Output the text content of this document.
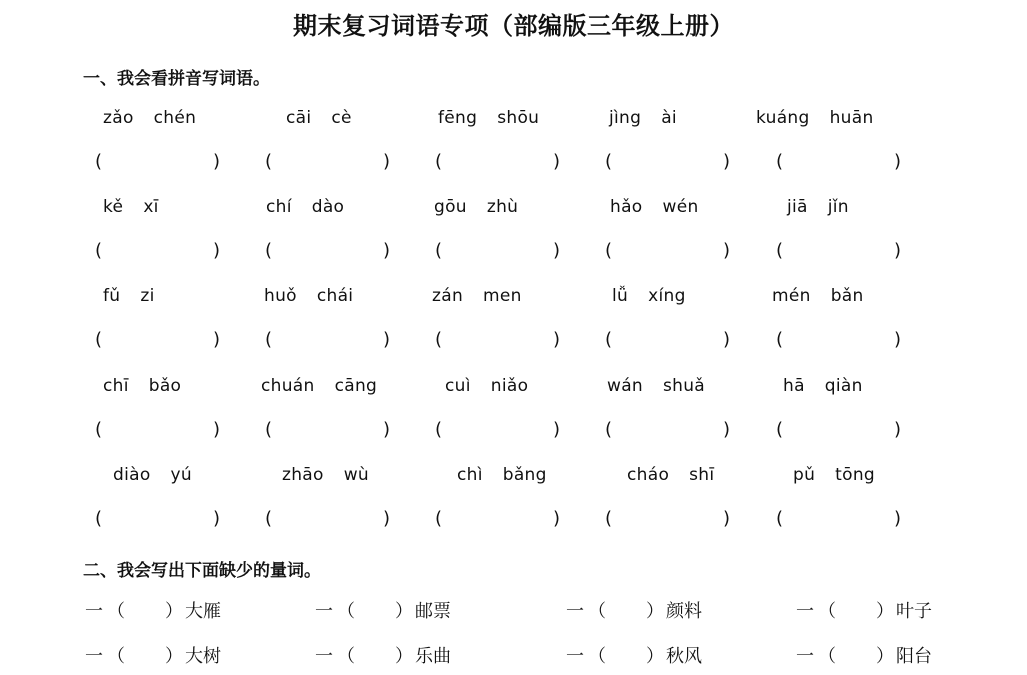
期末复习词语专项（部编版三年级上册）
一、我会看拼音写词语。
zǎo chén	cāi cè	fēng shōu	jìng ài	kuáng huān
(	)	(	)	(	)	(	)	(	)
kě xī	chí dào	gōu zhù	hǎo wén	jiā jǐn
(	)	(	)	(	)	(	)	(	)
fǔ zi	huǒ chái	zán men	lǚ xíng	mén bǎn
(	)	(	)	(	)	(	)	(	)
chī bǎo	chuán cāng	cuì niǎo	wán shuǎ	hā qiàn
(	)	(	)	(	)	(	)	(	)
diào yú	zhāo wù	chì bǎng	cháo shī	pǔ tōng
(	)	(	)	(	)	(	)	(	)
二、我会写出下面缺少的量词。
一 （ ） 大雁	一 （ ） 邮票	一 （ ） 颜料	一 （ ） 叶子
一 （ ） 大树	一 （ ） 乐曲	一 （ ） 秋风	一 （ ） 阳台
